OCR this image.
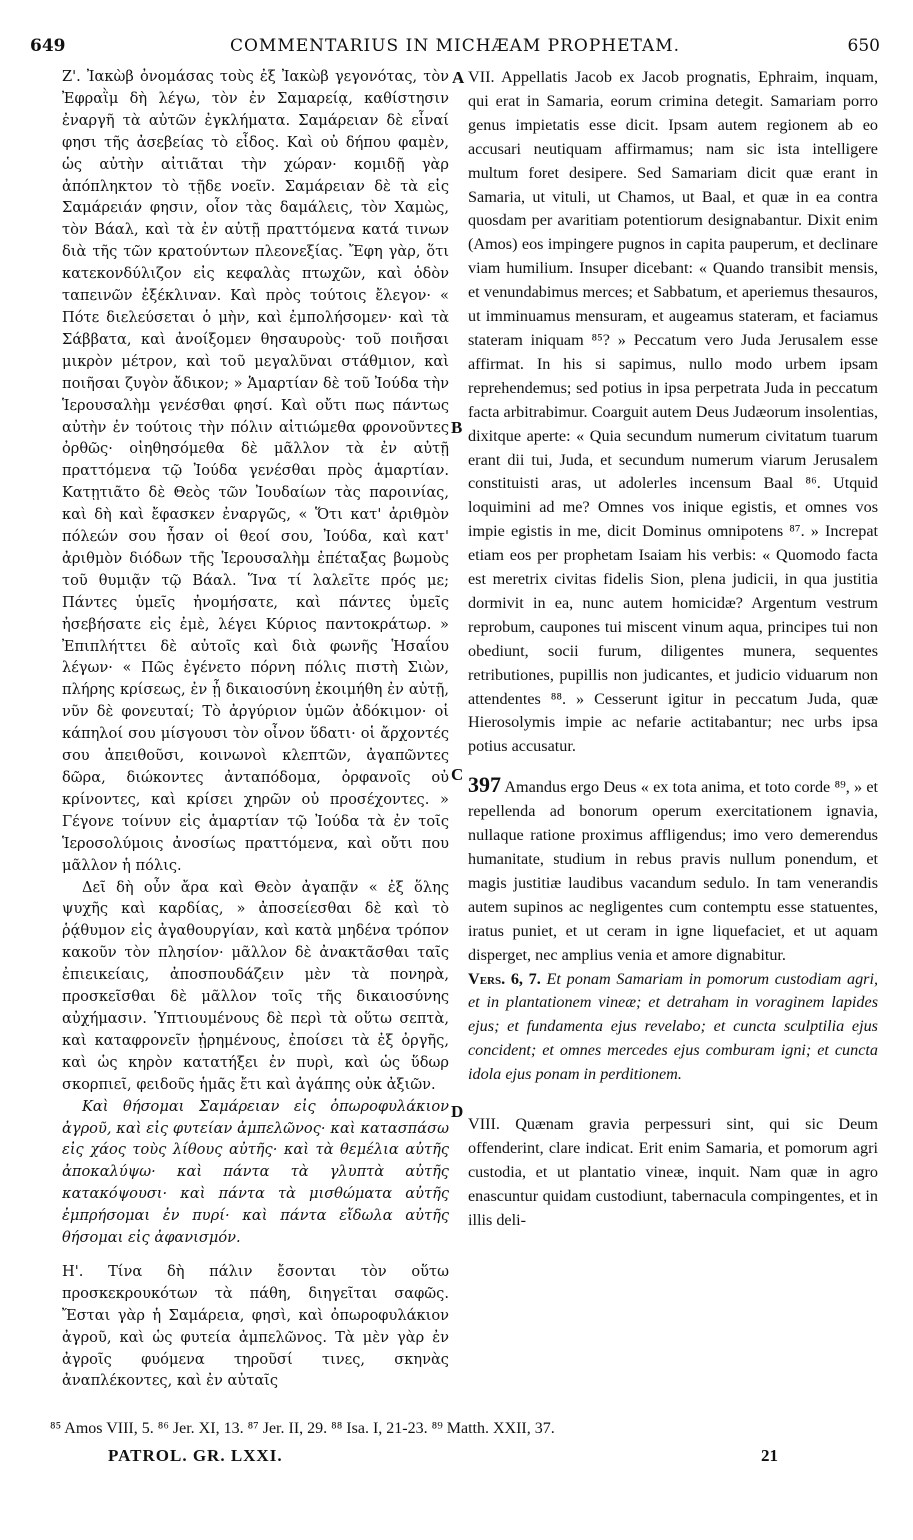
649	COMMENTARIUS IN MICHÆAM PROPHETAM.	650
A
B
C
D

Ζ'. Ἰακὼβ ὀνομάσας τοὺς ἐξ Ἰακὼβ γεγονότας, τὸν Ἐφραῒμ δὴ λέγω, τὸν ἐν Σαμαρείᾳ, καθίστησιν ἐναργῆ τὰ αὐτῶν ἐγκλήματα. Σαμάρειαν δὲ εἶναί φησι τῆς ἀσεβείας τὸ εἶδος. Καὶ οὐ δήπου φαμὲν, ὡς αὐτὴν αἰτιᾶται τὴν χώραν· κομιδῇ γὰρ ἀπόπληκτον τὸ τῇδε νοεῖν. Σαμάρειαν δὲ τὰ εἰς Σαμάρειάν φησιν, οἷον τὰς δαμάλεις, τὸν Χαμὼς, τὸν Βάαλ, καὶ τὰ ἐν αὐτῇ πραττόμενα κατά τινων διὰ τῆς τῶν κρατούντων πλεονεξίας. Ἔφη γὰρ, ὅτι κατεκονδύλιζον εἰς κεφαλὰς πτωχῶν, καὶ ὁδὸν ταπεινῶν ἐξέκλιναν. Καὶ πρὸς τούτοις ἔλεγον· « Πότε διελεύσεται ὁ μὴν, καὶ ἐμπολήσομεν· καὶ τὰ Σάββατα, καὶ ἀνοίξομεν θησαυροὺς· τοῦ ποιῆσαι μικρὸν μέτρον, καὶ τοῦ μεγαλῦναι στάθμιον, καὶ ποιῆσαι ζυγὸν ἄδικον; » Ἁμαρτίαν δὲ τοῦ Ἰούδα τὴν Ἱερουσαλὴμ γενέσθαι φησί. Καὶ οὔτι πως πάντως αὐτὴν ἐν τούτοις τὴν πόλιν αἰτιώμεθα φρονοῦντες ὀρθῶς· οἰηθησόμεθα δὲ μᾶλλον τὰ ἐν αὐτῇ πραττόμενα τῷ Ἰούδα γενέσθαι πρὸς ἁμαρτίαν. Κατῃτιᾶτο δὲ Θεὸς τῶν Ἰουδαίων τὰς παροινίας, καὶ δὴ καὶ ἔφασκεν ἐναργῶς, « Ὅτι κατ' ἀριθμὸν πόλεών σου ἦσαν οἱ θεοί σου, Ἰούδα, καὶ κατ' ἀριθμὸν διόδων τῆς Ἱερουσαλὴμ ἐπέταξας βωμοὺς τοῦ θυμιᾷν τῷ Βάαλ. Ἵνα τί λαλεῖτε πρός με; Πάντες ὑμεῖς ἠνομήσατε, καὶ πάντες ὑμεῖς ἠσεβήσατε εἰς ἐμὲ, λέγει Κύριος παντοκράτωρ. » Ἐπιπλήττει δὲ αὐτοῖς καὶ διὰ φωνῆς Ἡσαΐου λέγων· « Πῶς ἐγένετο πόρνη πόλις πιστὴ Σιὼν, πλήρης κρίσεως, ἐν ᾗ δικαιοσύνη ἐκοιμήθη ἐν αὐτῇ, νῦν δὲ φονευταί; Τὸ ἀργύριον ὑμῶν ἀδόκιμον· οἱ κάπηλοί σου μίσγουσι τὸν οἶνον ὕδατι· οἱ ἄρχοντές σου ἀπειθοῦσι, κοινωνοὶ κλεπτῶν, ἀγαπῶντες δῶρα, διώκοντες ἀνταπόδομα, ὀρφανοῖς οὐ κρίνοντες, καὶ κρίσει χηρῶν οὐ προσέχοντες. » Γέγονε τοίνυν εἰς ἁμαρτίαν τῷ Ἰούδα τὰ ἐν τοῖς Ἱεροσολύμοις ἀνοσίως πραττόμενα, καὶ οὔτι που μᾶλλον ἡ πόλις.

Δεῖ δὴ οὖν ἄρα καὶ Θεὸν ἀγαπᾷν « ἐξ ὅλης ψυχῆς καὶ καρδίας, » ἀποσείεσθαι δὲ καὶ τὸ ῥᾴθυμον εἰς ἀγαθουργίαν, καὶ κατὰ μηδένα τρόπον κακοῦν τὸν πλησίον· μᾶλλον δὲ ἀνακτᾶσθαι ταῖς ἐπιεικείαις, ἀποσπουδάζειν μὲν τὰ πονηρὰ, προσκεῖσθαι δὲ μᾶλλον τοῖς τῆς δικαιοσύνης αὐχήμασιν. Ὑπτιουμένους δὲ περὶ τὰ οὕτω σεπτὰ, καὶ καταφρονεῖν ᾑρημένους, ἐποίσει τὰ ἐξ ὀργῆς, καὶ ὡς κηρὸν κατατήξει ἐν πυρὶ, καὶ ὡς ὕδωρ σκορπιεῖ, φειδοῦς ἡμᾶς ἔτι καὶ ἀγάπης οὐκ ἀξιῶν.

Καὶ θήσομαι Σαμάρειαν εἰς ὀπωροφυλάκιον ἀγροῦ, καὶ εἰς φυτείαν ἀμπελῶνος· καὶ κατασπάσω εἰς χάος τοὺς λίθους αὐτῆς· καὶ τὰ θεμέλια αὐτῆς ἀποκαλύψω· καὶ πάντα τὰ γλυπτὰ αὐτῆς κατακόψουσι· καὶ πάντα τὰ μισθώματα αὐτῆς ἐμπρήσομαι ἐν πυρί· καὶ πάντα εἴδωλα αὐτῆς θήσομαι εἰς ἀφανισμόν.

Η'. Τίνα δὴ πάλιν ἔσονται τὸν οὕτω προσκεκρουκότων τὰ πάθη, διηγεῖται σαφῶς. Ἔσται γὰρ ἡ Σαμάρεια, φησὶ, καὶ ὀπωροφυλάκιον ἀγροῦ, καὶ ὡς φυτεία ἀμπελῶνος. Τὰ μὲν γὰρ ἐν ἀγροῖς φυόμενα τηροῦσί τινες, σκηνὰς ἀναπλέκοντες, καὶ ἐν αὐταῖς

VII. Appellatis Jacob ex Jacob prognatis, Ephraim, inquam, qui erat in Samaria, eorum crimina detegit. Samariam porro genus impietatis esse dicit. Ipsam autem regionem ab eo accusari neutiquam affirmamus; nam sic ista intelligere multum foret desipere. Sed Samariam dicit quæ erant in Samaria, ut vituli, ut Chamos, ut Baal, et quæ in ea contra quosdam per avaritiam potentiorum designabantur. Dixit enim (Amos) eos impingere pugnos in capita pauperum, et declinare viam humilium. Insuper dicebant: « Quando transibit mensis, et venundabimus merces; et Sabbatum, et aperiemus thesauros, ut imminuamus mensuram, et augeamus stateram, et faciamus stateram iniquam ⁸⁵? » Peccatum vero Juda Jerusalem esse affirmat. In his si sapimus, nullo modo urbem ipsam reprehendemus; sed potius in ipsa perpetrata Juda in peccatum facta arbitrabimur. Coarguit autem Deus Judæorum insolentias, dixitque aperte: « Quia secundum numerum civitatum tuarum erant dii tui, Juda, et secundum numerum viarum Jerusalem constituisti aras, ut adolerles incensum Baal ⁸⁶. Utquid loquimini ad me? Omnes vos inique egistis, et omnes vos impie egistis in me, dicit Dominus omnipotens ⁸⁷. » Increpat etiam eos per prophetam Isaiam his verbis: « Quomodo facta est meretrix civitas fidelis Sion, plena judicii, in qua justitia dormivit in ea, nunc autem homicidæ? Argentum vestrum reprobum, caupones tui miscent vinum aqua, principes tui non obediunt, socii furum, diligentes munera, sequentes retributiones, pupillis non judicantes, et judicio viduarum non attendentes ⁸⁸. » Cesserunt igitur in peccatum Juda, quæ Hierosolymis impie ac nefarie actitabantur; nec urbs ipsa potius accusatur.

397 Amandus ergo Deus « ex tota anima, et toto corde ⁸⁹, » et repellenda ad bonorum operum exercitationem ignavia, nullaque ratione proximus affligendus; imo vero demerendus humanitate, studium in rebus pravis nullum ponendum, et magis justitiæ laudibus vacandum sedulo. In tam venerandis autem supinos ac negligentes cum contemptu esse statuentes, iratus puniet, et ut ceram in igne liquefaciet, et ut aquam disperget, nec amplius venia et amore dignabitur.

Vers. 6, 7. Et ponam Samariam in pomorum custodiam agri, et in plantationem vineæ; et detraham in voraginem lapides ejus; et fundamenta ejus revelabo; et cuncta sculptilia ejus concident; et omnes mercedes ejus comburam igni; et cuncta idola ejus ponam in perditionem.

VIII. Quænam gravia perpessuri sint, qui sic Deum offenderint, clare indicat. Erit enim Samaria, et pomorum agri custodia, et ut plantatio vineæ, inquit. Nam quæ in agro enascuntur quidam custodiunt, tabernacula compingentes, et in illis deli-

⁸⁵ Amos VIII, 5. ⁸⁶ Jer. XI, 13. ⁸⁷ Jer. II, 29. ⁸⁸ Isa. I, 21-23. ⁸⁹ Matth. XXII, 37.
PATROL. GR. LXXI.	21
